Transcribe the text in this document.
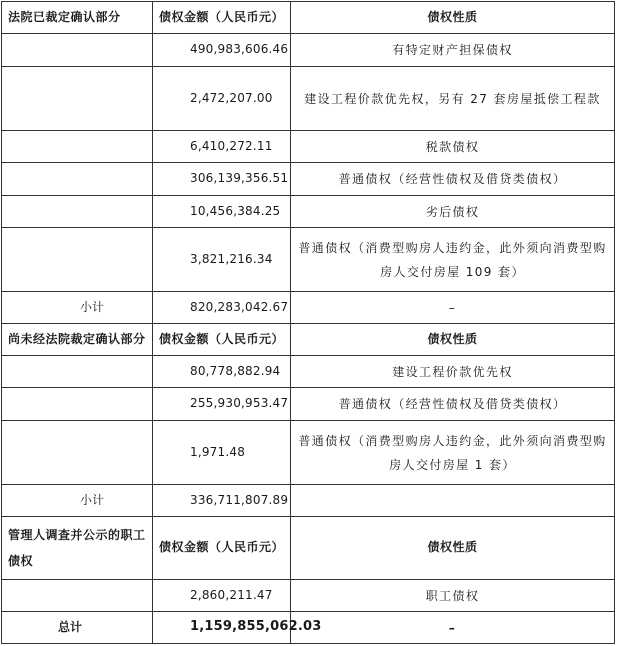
法院已裁定确认部分	债权金额（人民币元）	债权性质
	490,983,606.46	有特定财产担保债权
	2,472,207.00	建设工程价款优先权，另有 27 套房屋抵偿工程款
	6,410,272.11	税款债权
	306,139,356.51	普通债权（经营性债权及借贷类债权）
	10,456,384.25	劣后债权
	3,821,216.34	普通债权（消费型购房人违约金，此外须向消费型购房人交付房屋 109 套）
小计	820,283,042.67	–
尚未经法院裁定确认部分	债权金额（人民币元）	债权性质
	80,778,882.94	建设工程价款优先权
	255,930,953.47	普通债权（经营性债权及借贷类债权）
	1,971.48	普通债权（消费型购房人违约金，此外须向消费型购房人交付房屋 1 套）
小计	336,711,807.89	
管理人调查并公示的职工债权	债权金额（人民币元）	债权性质
	2,860,211.47	职工债权
总计	1,159,855,062.03	–
